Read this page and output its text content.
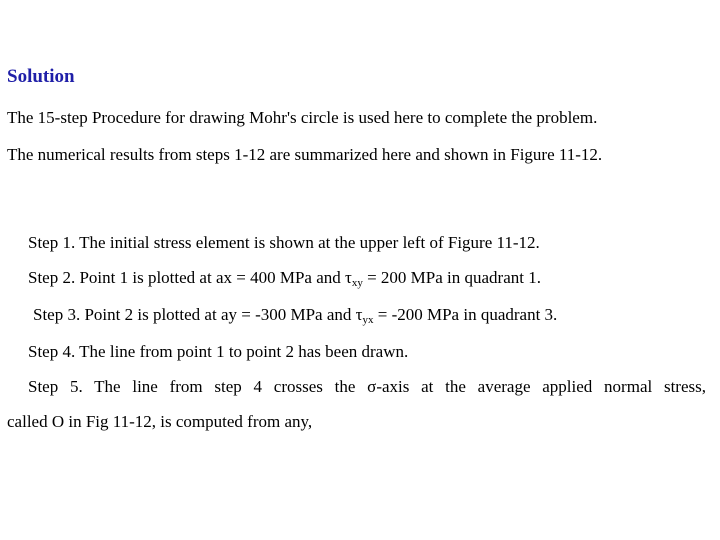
Solution
The 15-step Procedure for drawing Mohr's circle is used here to complete the problem.
The numerical results from steps 1-12 are summarized here and shown in Figure 11-12.
Step 1. The initial stress element is shown at the upper left of Figure 11-12.
Step 2. Point 1 is plotted at ax = 400 MPa and $\tau_{xy} = 200$ MPa in quadrant 1.
Step 3. Point 2 is plotted at ay = -300 MPa and $\tau_{yx} = -200$ MPa in quadrant 3.
Step 4. The line from point 1 to point 2 has been drawn.
Step 5. The line from step 4 crosses the σ-axis at the average applied normal stress,
called O in Fig 11-12, is computed from any,
